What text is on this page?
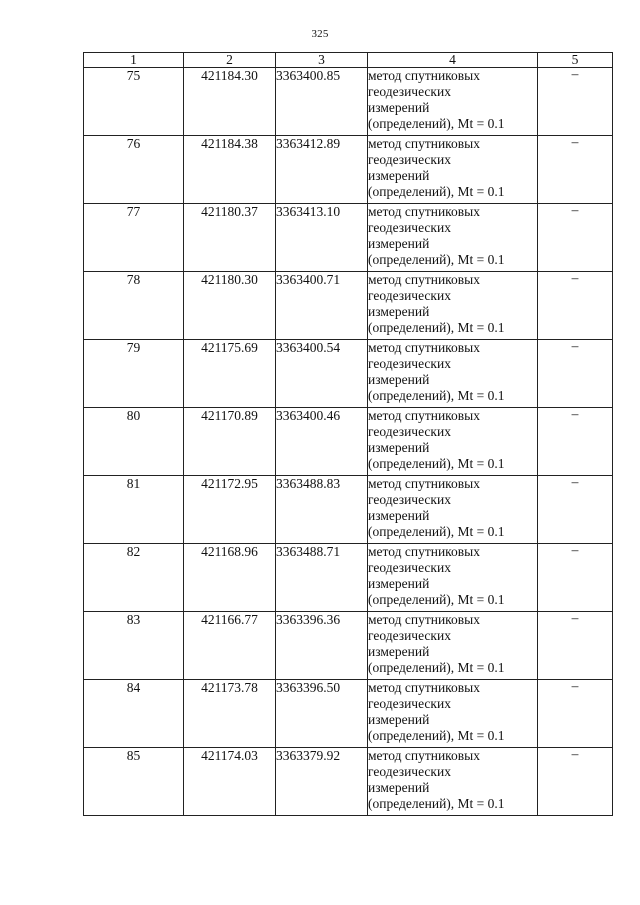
325
1	2	3	4	5
75	421184.30	3363400.85	метод спутниковых
геодезических
измерений
(определений), Mt = 0.1	–
76	421184.38	3363412.89	метод спутниковых
геодезических
измерений
(определений), Mt = 0.1	–
77	421180.37	3363413.10	метод спутниковых
геодезических
измерений
(определений), Mt = 0.1	–
78	421180.30	3363400.71	метод спутниковых
геодезических
измерений
(определений), Mt = 0.1	–
79	421175.69	3363400.54	метод спутниковых
геодезических
измерений
(определений), Mt = 0.1	–
80	421170.89	3363400.46	метод спутниковых
геодезических
измерений
(определений), Mt = 0.1	–
81	421172.95	3363488.83	метод спутниковых
геодезических
измерений
(определений), Mt = 0.1	–
82	421168.96	3363488.71	метод спутниковых
геодезических
измерений
(определений), Mt = 0.1	–
83	421166.77	3363396.36	метод спутниковых
геодезических
измерений
(определений), Mt = 0.1	–
84	421173.78	3363396.50	метод спутниковых
геодезических
измерений
(определений), Mt = 0.1	–
85	421174.03	3363379.92	метод спутниковых
геодезических
измерений
(определений), Mt = 0.1	–
